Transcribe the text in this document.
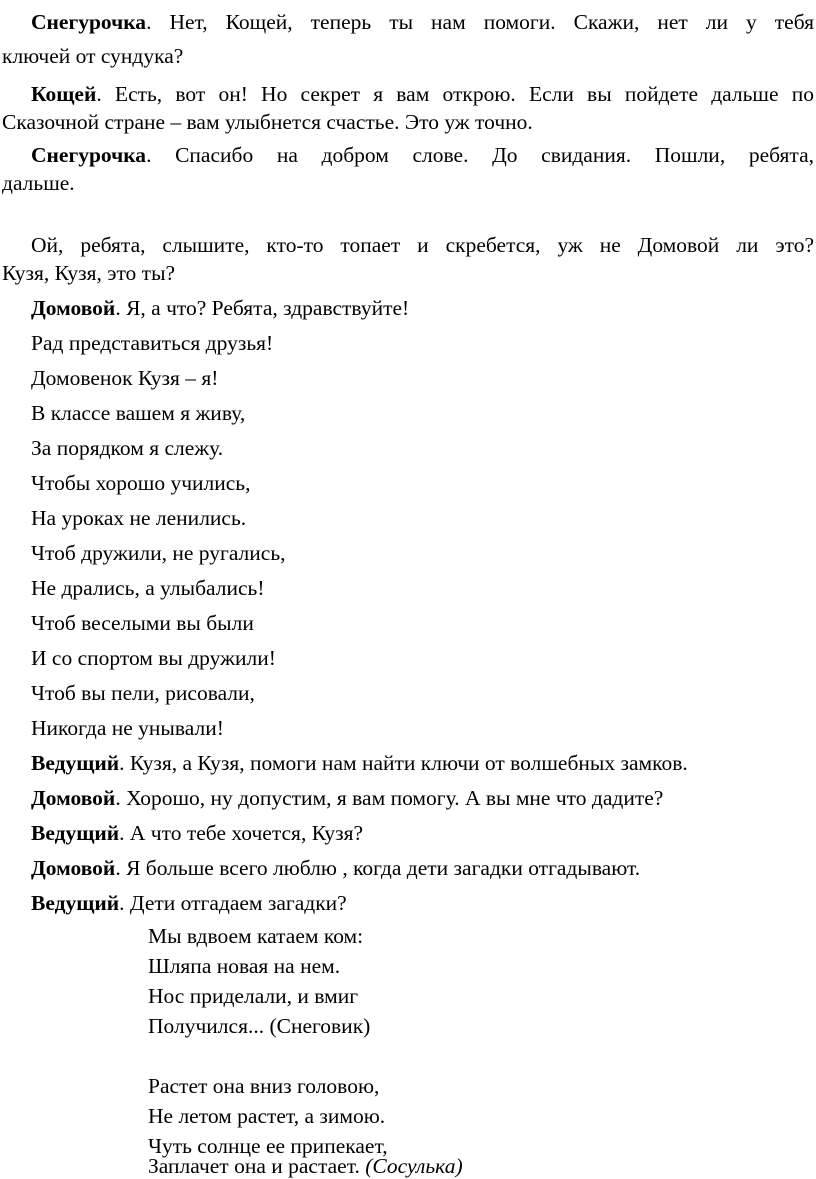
Снегурочка. Нет, Кощей, теперь ты нам помоги. Скажи, нет ли у тебя
ключей от сундука?
Кощей. Есть, вот он! Но секрет я вам открою. Если вы пойдете дальше по
Сказочной стране – вам улыбнется счастье. Это уж точно.
Снегурочка. Спасибо на добром слове. До свидания. Пошли, ребята,
дальше.
Ой, ребята, слышите, кто-то топает и скребется, уж не Домовой ли это?
Кузя, Кузя, это ты?
Домовой. Я, а что? Ребята, здравствуйте!
Рад представиться друзья!
Домовенок Кузя – я!
В классе вашем я живу,
За порядком я слежу.
Чтобы хорошо учились,
На уроках не ленились.
Чтоб дружили, не ругались,
Не дрались, а улыбались!
Чтоб веселыми вы были
И со спортом вы дружили!
Чтоб вы пели, рисовали,
Никогда не унывали!
Ведущий. Кузя, а Кузя, помоги нам найти ключи от волшебных замков.
Домовой. Хорошо, ну допустим, я вам помогу. А вы мне что дадите?
Ведущий. А что тебе хочется, Кузя?
Домовой. Я больше всего люблю , когда дети загадки отгадывают.
Ведущий. Дети отгадаем загадки?
Мы вдвоем катаем ком:
Шляпа новая на нем.
Нос приделали, и вмиг
Получился... (Снеговик)
Растет она вниз головою,
Не летом растет, а зимою.
Чуть солнце ее припекает,
Заплачет она и растает. (Сосулька)
